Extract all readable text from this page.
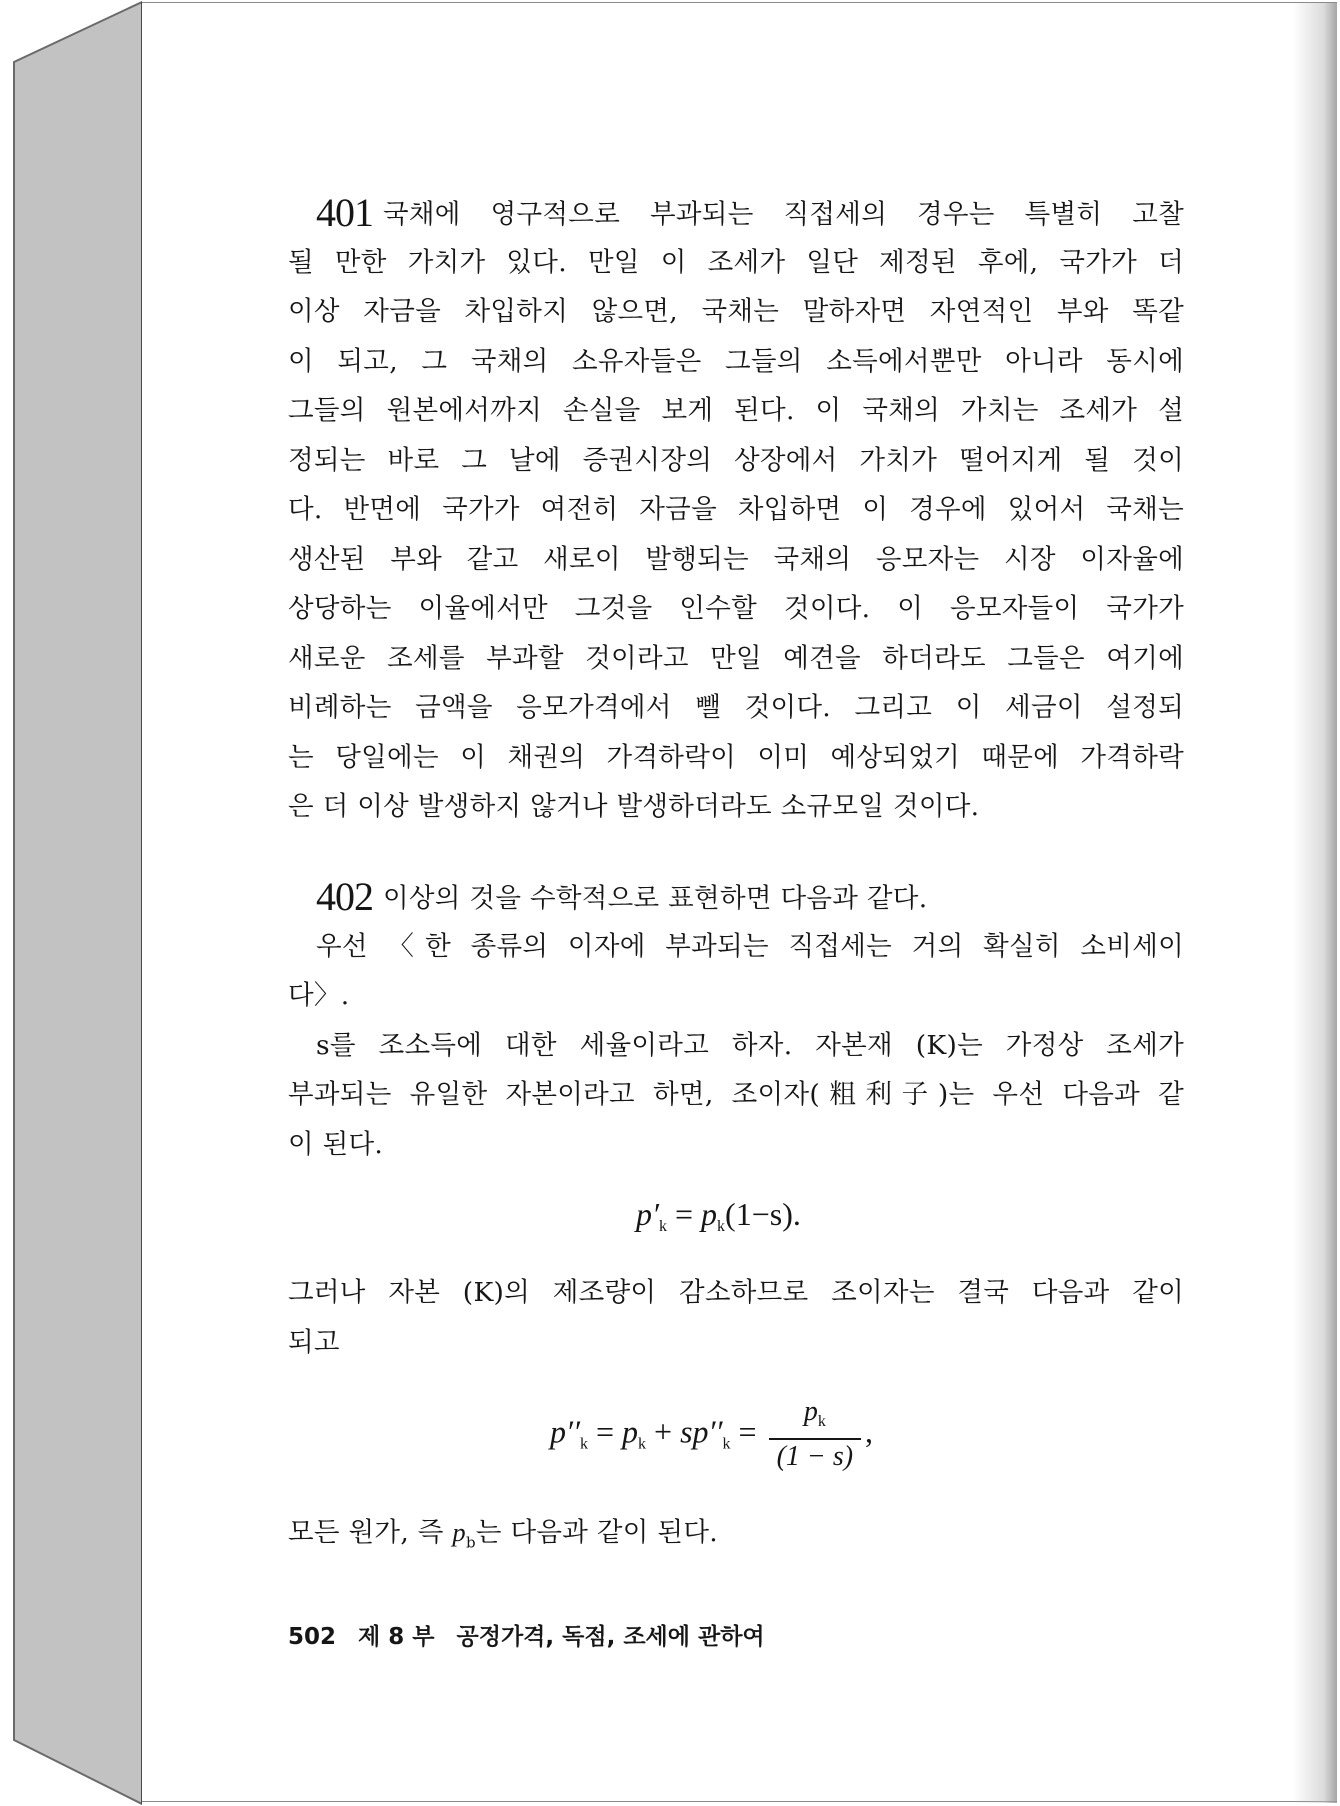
401 국채에 영구적으로 부과되는 직접세의 경우는 특별히 고찰
될 만한 가치가 있다. 만일 이 조세가 일단 제정된 후에, 국가가 더
이상 자금을 차입하지 않으면, 국채는 말하자면 자연적인 부와 똑같
이 되고, 그 국채의 소유자들은 그들의 소득에서뿐만 아니라 동시에
그들의 원본에서까지 손실을 보게 된다. 이 국채의 가치는 조세가 설
정되는 바로 그 날에 증권시장의 상장에서 가치가 떨어지게 될 것이
다. 반면에 국가가 여전히 자금을 차입하면 이 경우에 있어서 국채는
생산된 부와 같고 새로이 발행되는 국채의 응모자는 시장 이자율에
상당하는 이율에서만 그것을 인수할 것이다. 이 응모자들이 국가가
새로운 조세를 부과할 것이라고 만일 예견을 하더라도 그들은 여기에
비례하는 금액을 응모가격에서 뺄 것이다. 그리고 이 세금이 설정되
는 당일에는 이 채권의 가격하락이 이미 예상되었기 때문에 가격하락
은 더 이상 발생하지 않거나 발생하더라도 소규모일 것이다.
402 이상의 것을 수학적으로 표현하면 다음과 같다.
우선 〈한 종류의 이자에 부과되는 직접세는 거의 확실히 소비세이
다〉.
s를 조소득에 대한 세율이라고 하자. 자본재 (K)는 가정상 조세가
부과되는 유일한 자본이라고 하면, 조이자(粗利子)는 우선 다음과 같
이 된다.
$p'_k = p_k(1-s)$.
그러나 자본 (K)의 제조량이 감소하므로 조이자는 결국 다음과 같이
되고
$p''_k = p_k + sp''_k = \frac{p_k}{(1 - s)}$ ,
모든 원가, 즉 $p_b$는 다음과 같이 된다.
502 제 8 부 공정가격, 독점, 조세에 관하여
